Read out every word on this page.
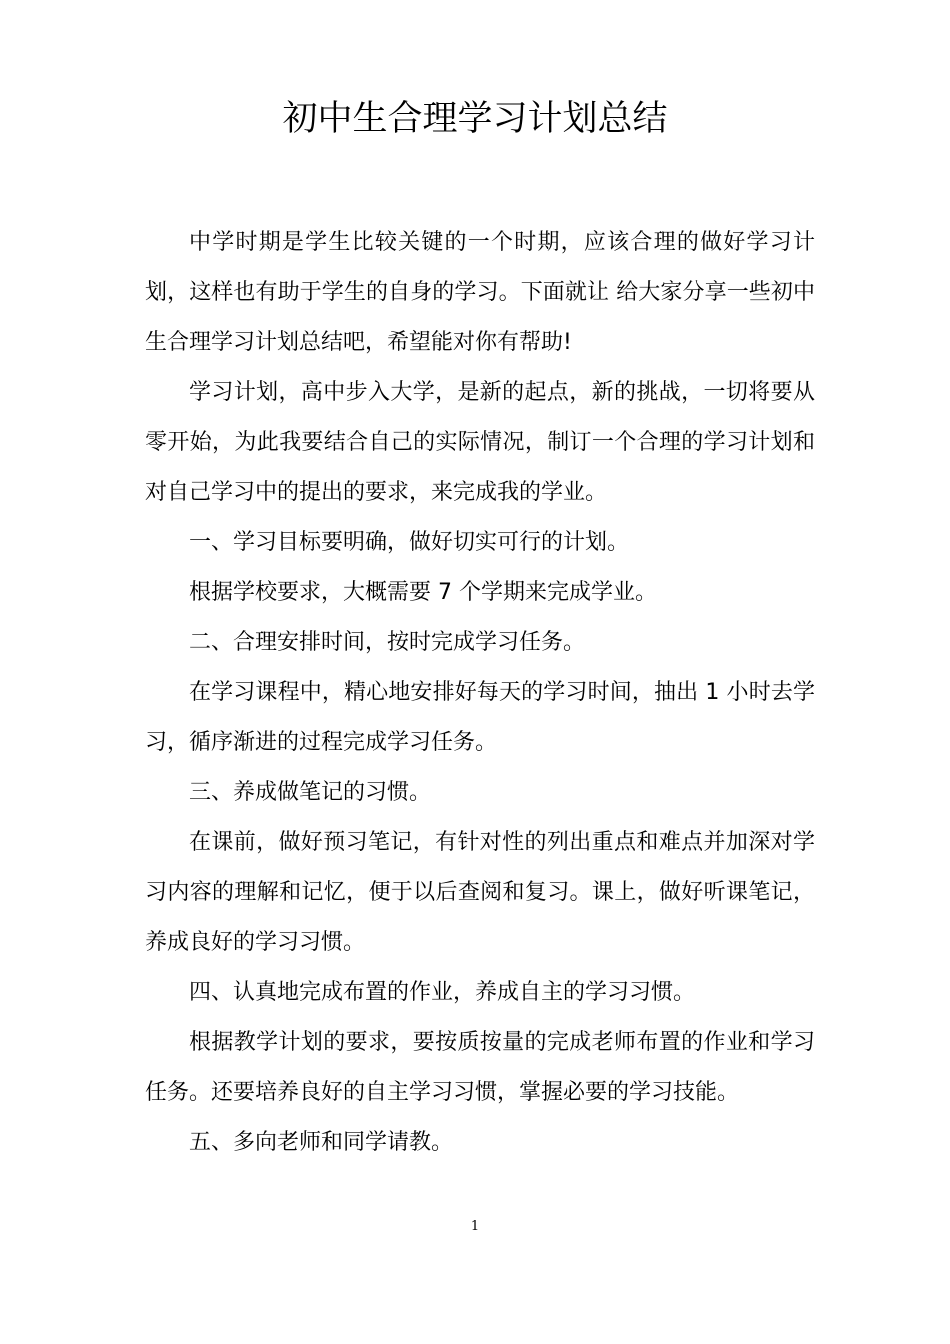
初中生合理学习计划总结

中学时期是学生比较关键的一个时期，应该合理的做好学习计划，这样也有助于学生的自身的学习。下面就让 给大家分享一些初中生合理学习计划总结吧，希望能对你有帮助!

学习计划，高中步入大学，是新的起点，新的挑战，一切将要从零开始，为此我要结合自己的实际情况，制订一个合理的学习计划和对自己学习中的提出的要求，来完成我的学业。

一、学习目标要明确，做好切实可行的计划。

根据学校要求，大概需要 7 个学期来完成学业。

二、合理安排时间，按时完成学习任务。

在学习课程中，精心地安排好每天的学习时间，抽出 1 小时去学习，循序渐进的过程完成学习任务。

三、养成做笔记的习惯。

在课前，做好预习笔记，有针对性的列出重点和难点并加深对学习内容的理解和记忆，便于以后查阅和复习。课上，做好听课笔记，养成良好的学习习惯。

四、认真地完成布置的作业，养成自主的学习习惯。

根据教学计划的要求，要按质按量的完成老师布置的作业和学习任务。还要培养良好的自主学习习惯，掌握必要的学习技能。

五、多向老师和同学请教。

1
